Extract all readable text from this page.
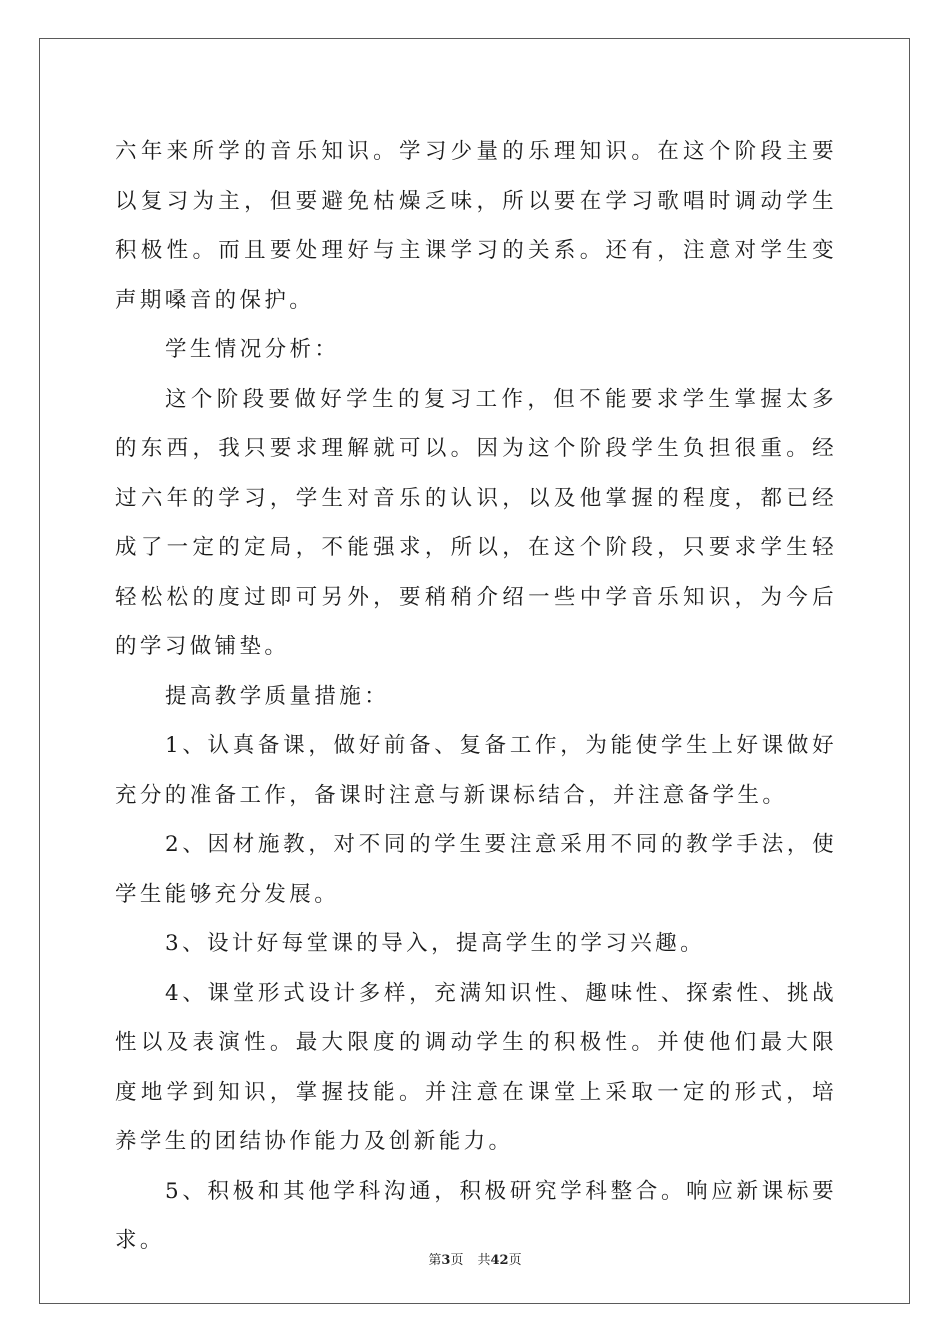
六年来所学的音乐知识。学习少量的乐理知识。在这个阶段主要以复习为主，但要避免枯燥乏味，所以要在学习歌唱时调动学生积极性。而且要处理好与主课学习的关系。还有，注意对学生变声期嗓音的保护。

学生情况分析：

这个阶段要做好学生的复习工作，但不能要求学生掌握太多的东西，我只要求理解就可以。因为这个阶段学生负担很重。经过六年的学习，学生对音乐的认识，以及他掌握的程度，都已经成了一定的定局，不能强求，所以，在这个阶段，只要求学生轻轻松松的度过即可另外，要稍稍介绍一些中学音乐知识，为今后的学习做铺垫。

提高教学质量措施：

1、认真备课，做好前备、复备工作，为能使学生上好课做好充分的准备工作，备课时注意与新课标结合，并注意备学生。

2、因材施教，对不同的学生要注意采用不同的教学手法，使学生能够充分发展。

3、设计好每堂课的导入，提高学生的学习兴趣。

4、课堂形式设计多样，充满知识性、趣味性、探索性、挑战性以及表演性。最大限度的调动学生的积极性。并使他们最大限度地学到知识，掌握技能。并注意在课堂上采取一定的形式，培养学生的团结协作能力及创新能力。

5、积极和其他学科沟通，积极研究学科整合。响应新课标要求。

第3页 共42页
